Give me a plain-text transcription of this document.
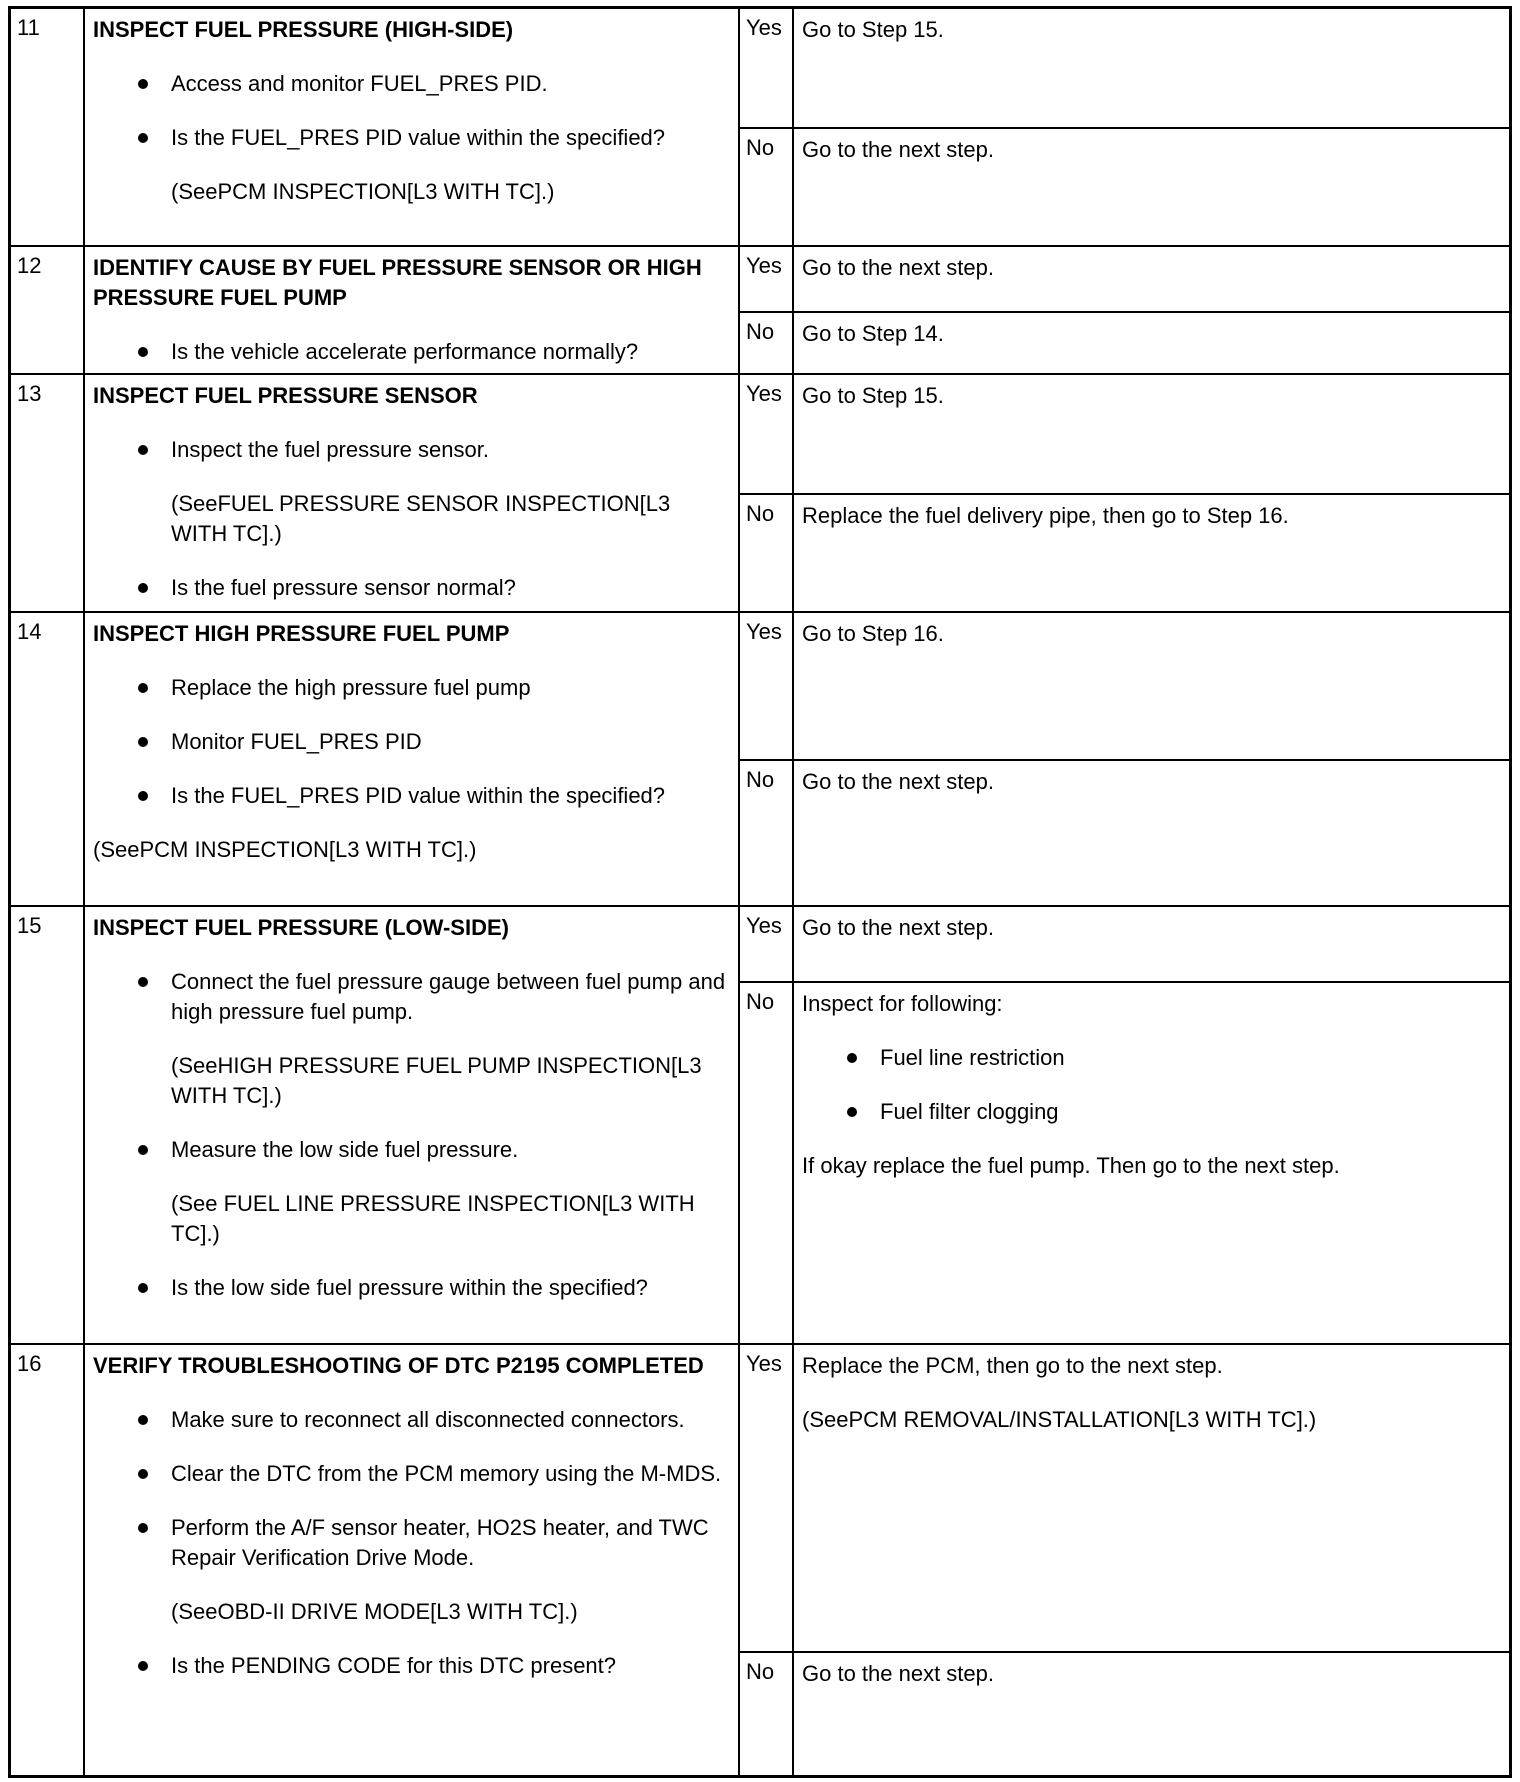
11	INSPECT FUEL PRESSURE (HIGH-SIDE)
Access and monitor FUEL_PRES PID.
Is the FUEL_PRES PID value within the specified?
(SeePCM INSPECTION[L3 WITH TC].)
Yes Go to Step 15.
No	Go to the next step.
12	IDENTIFY CAUSE BY FUEL PRESSURE SENSOR OR HIGH PRESSURE FUEL PUMP
Is the vehicle accelerate performance normally?
Yes Go to the next step.
No	Go to Step 14.
13	INSPECT FUEL PRESSURE SENSOR
Inspect the fuel pressure sensor.
(SeeFUEL PRESSURE SENSOR INSPECTION[L3 WITH TC].)
Is the fuel pressure sensor normal?
Yes Go to Step 15.
No	Replace the fuel delivery pipe, then go to Step 16.
14	INSPECT HIGH PRESSURE FUEL PUMP
Replace the high pressure fuel pump
Monitor FUEL_PRES PID
Is the FUEL_PRES PID value within the specified?
(SeePCM INSPECTION[L3 WITH TC].)
Yes Go to Step 16.
No	Go to the next step.
15	INSPECT FUEL PRESSURE (LOW-SIDE)
Connect the fuel pressure gauge between fuel pump and high pressure fuel pump.
(SeeHIGH PRESSURE FUEL PUMP INSPECTION[L3 WITH TC].)
Measure the low side fuel pressure.
(See FUEL LINE PRESSURE INSPECTION[L3 WITH TC].)
Is the low side fuel pressure within the specified?
Yes Go to the next step.
No	Inspect for following:

Fuel line restriction
Fuel filter clogging

If okay replace the fuel pump. Then go to the next step.

16	VERIFY TROUBLESHOOTING OF DTC P2195 COMPLETED
Make sure to reconnect all disconnected connectors.
Clear the DTC from the PCM memory using the M-MDS.
Perform the A/F sensor heater, HO2S heater, and TWC Repair Verification Drive Mode.
(SeeOBD-II DRIVE MODE[L3 WITH TC].)
Is the PENDING CODE for this DTC present?
Yes Replace the PCM, then go to the next step.

(SeePCM REMOVAL/INSTALLATION[L3 WITH TC].)

No	Go to the next step.
